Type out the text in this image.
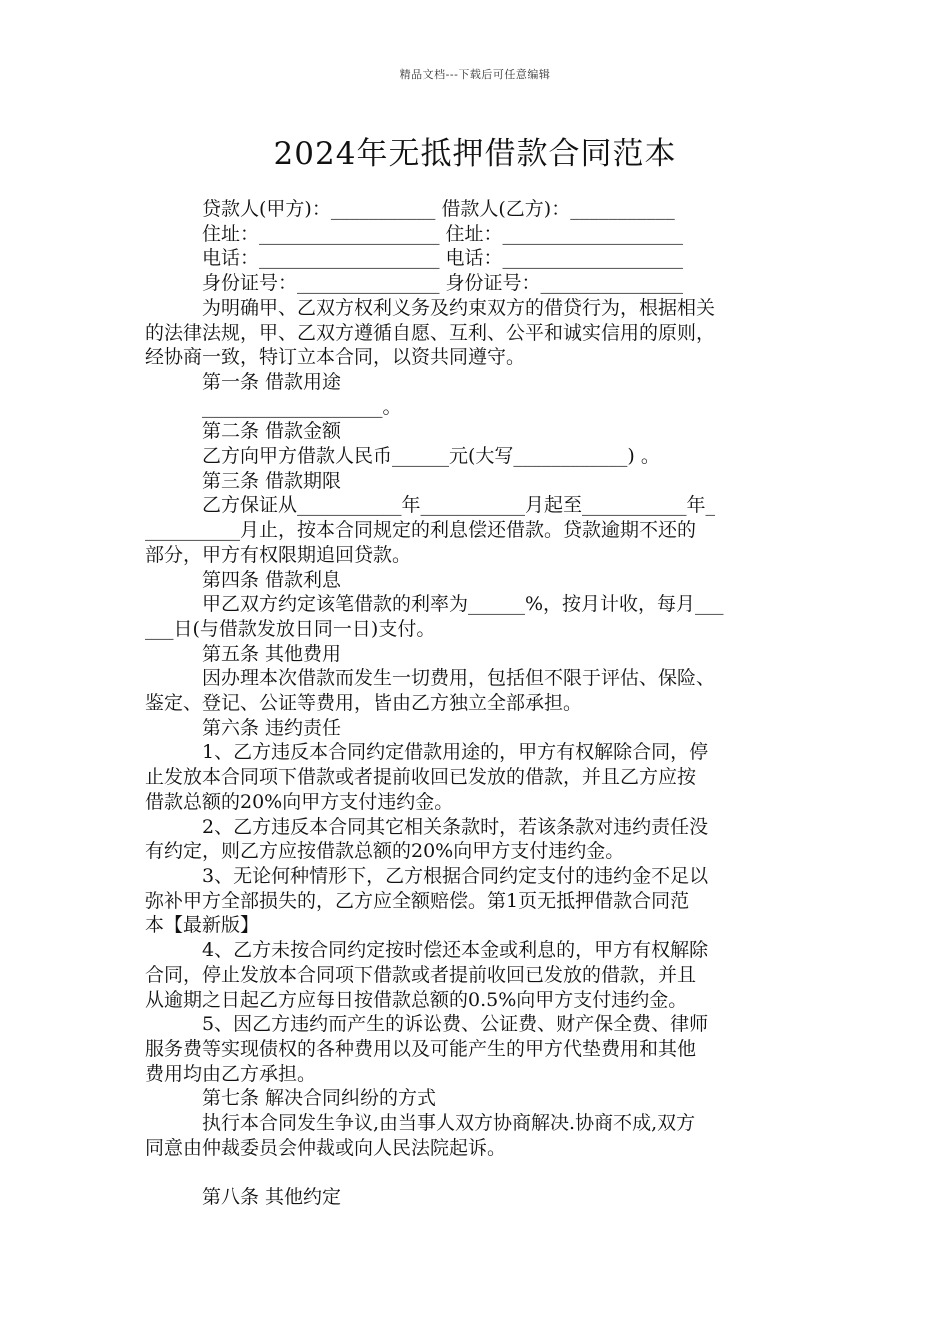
精品文档---下载后可任意编辑
2024年无抵押借款合同范本

贷款人(甲方)：___________ 借款人(乙方)：___________

住址：___________________ 住址：___________________

电话：___________________ 电话：___________________

身份证号：_______________ 身份证号：_______________

为明确甲、乙双方权利义务及约束双方的借贷行为，根据相关

的法律法规，甲、乙双方遵循自愿、互利、公平和诚实信用的原则，

经协商一致，特订立本合同，以资共同遵守。

第一条 借款用途

___________________。

第二条 借款金额

乙方向甲方借款人民币______元(大写____________) 。

第三条 借款期限

乙方保证从___________年___________月起至___________年_

__________月止，按本合同规定的利息偿还借款。贷款逾期不还的

部分，甲方有权限期追回贷款。

第四条 借款利息

甲乙双方约定该笔借款的利率为______%，按月计收，每月___

___日(与借款发放日同一日)支付。

第五条 其他费用

因办理本次借款而发生一切费用，包括但不限于评估、保险、

鉴定、登记、公证等费用，皆由乙方独立全部承担。

第六条 违约责任

1、乙方违反本合同约定借款用途的，甲方有权解除合同，停

止发放本合同项下借款或者提前收回已发放的借款，并且乙方应按

借款总额的20%向甲方支付违约金。

2、乙方违反本合同其它相关条款时，若该条款对违约责任没

有约定，则乙方应按借款总额的20%向甲方支付违约金。

3、无论何种情形下，乙方根据合同约定支付的违约金不足以

弥补甲方全部损失的，乙方应全额赔偿。第1页无抵押借款合同范

本【最新版】

4、乙方未按合同约定按时偿还本金或利息的，甲方有权解除

合同，停止发放本合同项下借款或者提前收回已发放的借款，并且

从逾期之日起乙方应每日按借款总额的0.5%向甲方支付违约金。

5、因乙方违约而产生的诉讼费、公证费、财产保全费、律师

服务费等实现债权的各种费用以及可能产生的甲方代垫费用和其他

费用均由乙方承担。

第七条 解决合同纠纷的方式

执行本合同发生争议,由当事人双方协商解决.协商不成,双方

同意由仲裁委员会仲裁或向人民法院起诉。

第八条 其他约定
